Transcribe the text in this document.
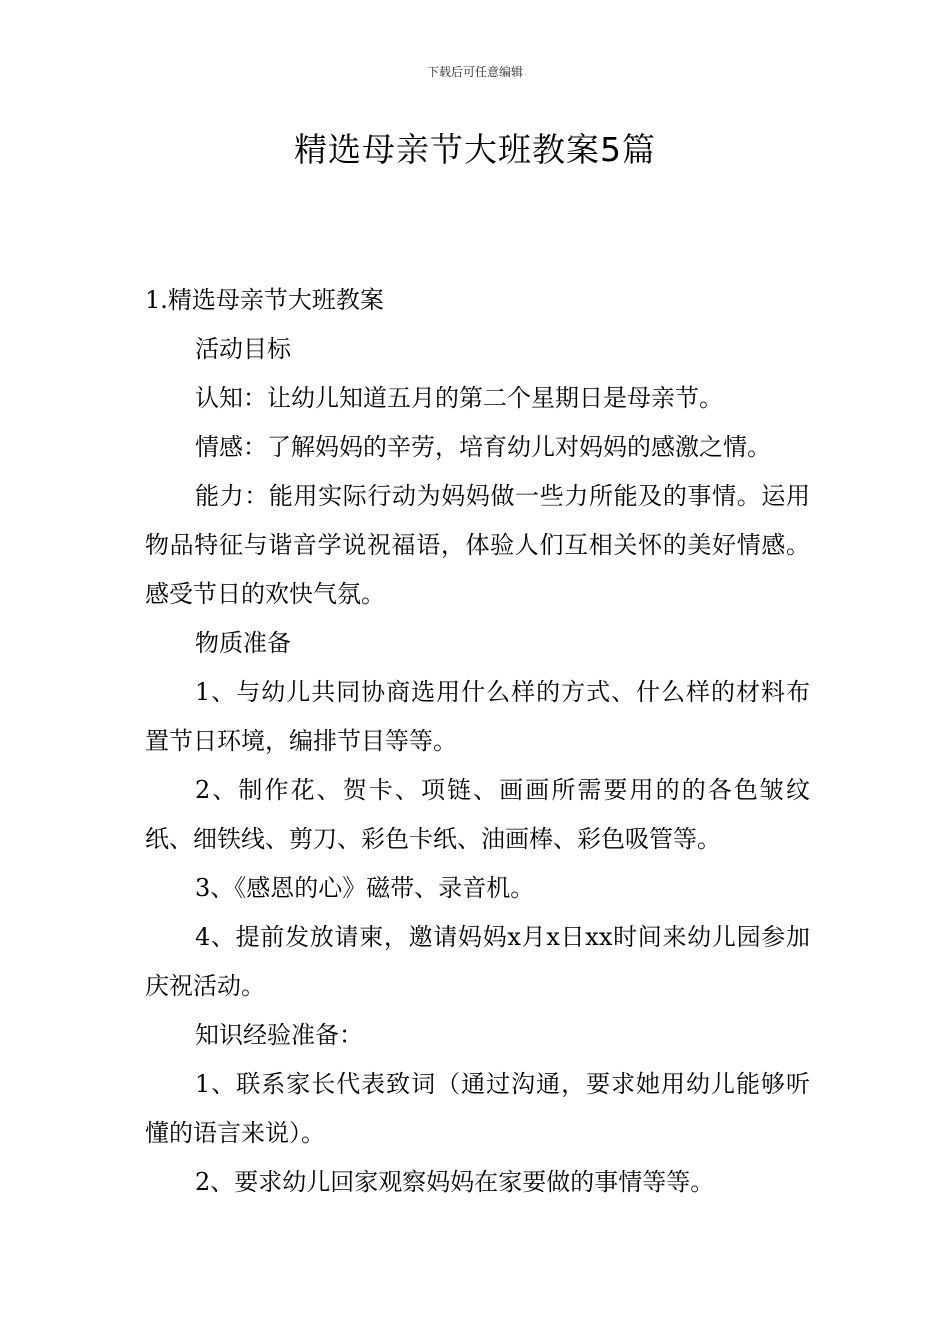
下载后可任意编辑
精选母亲节大班教案5篇

1.精选母亲节大班教案

活动目标

认知：让幼儿知道五月的第二个星期日是母亲节。

情感：了解妈妈的辛劳，培育幼儿对妈妈的感激之情。

能力：能用实际行动为妈妈做一些力所能及的事情。运用物品特征与谐音学说祝福语，体验人们互相关怀的美好情感。感受节日的欢快气氛。

物质准备

1、与幼儿共同协商选用什么样的方式、什么样的材料布置节日环境，编排节目等等。

2、制作花、贺卡、项链、画画所需要用的的各色皱纹纸、细铁线、剪刀、彩色卡纸、油画棒、彩色吸管等。

3、《感恩的心》磁带、录音机。

4、提前发放请柬，邀请妈妈x月x日xx时间来幼儿园参加庆祝活动。

知识经验准备：

1、联系家长代表致词（通过沟通，要求她用幼儿能够听懂的语言来说）。

2、要求幼儿回家观察妈妈在家要做的事情等等。
